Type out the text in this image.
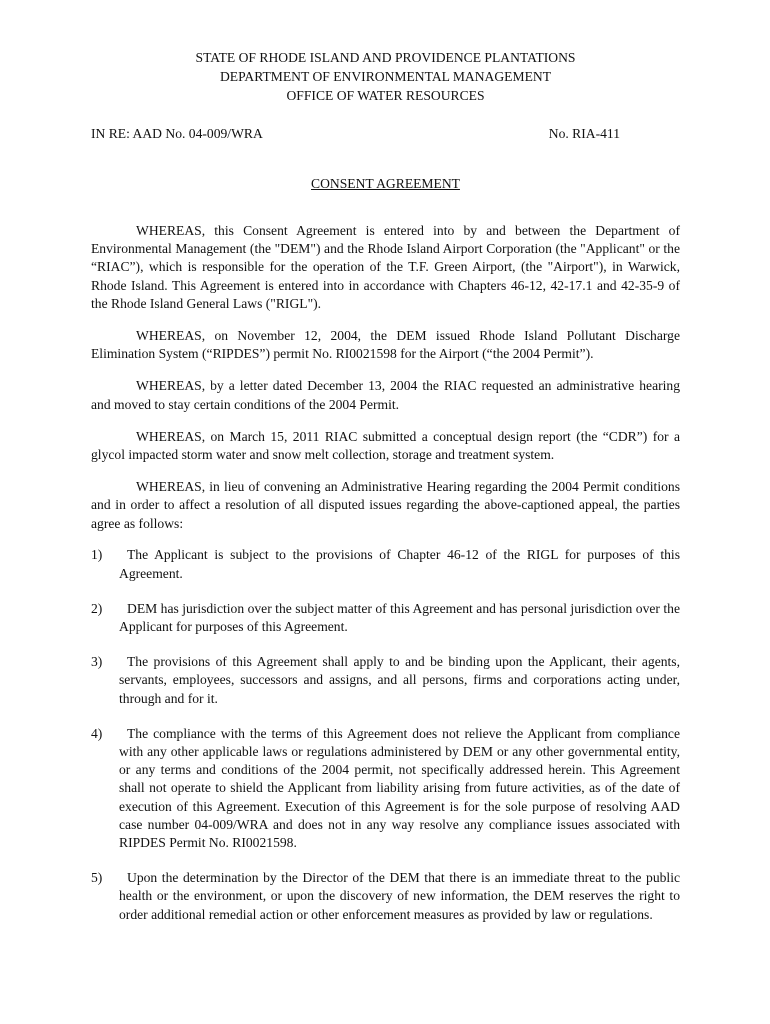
STATE OF RHODE ISLAND AND PROVIDENCE PLANTATIONS
DEPARTMENT OF ENVIRONMENTAL MANAGEMENT
OFFICE OF WATER RESOURCES
IN RE: AAD No. 04-009/WRA	No. RIA-411
CONSENT AGREEMENT

WHEREAS, this Consent Agreement is entered into by and between the Department of Environmental Management (the "DEM") and the Rhode Island Airport Corporation (the "Applicant" or the “RIAC”), which is responsible for the operation of the T.F. Green Airport, (the "Airport"), in Warwick, Rhode Island. This Agreement is entered into in accordance with Chapters 46-12, 42-17.1 and 42-35-9 of the Rhode Island General Laws ("RIGL").

WHEREAS, on November 12, 2004, the DEM issued Rhode Island Pollutant Discharge Elimination System (“RIPDES”) permit No. RI0021598 for the Airport (“the 2004 Permit”).

WHEREAS, by a letter dated December 13, 2004 the RIAC requested an administrative hearing and moved to stay certain conditions of the 2004 Permit.

WHEREAS, on March 15, 2011 RIAC submitted a conceptual design report (the “CDR”) for a glycol impacted storm water and snow melt collection, storage and treatment system.

WHEREAS, in lieu of convening an Administrative Hearing regarding the 2004 Permit conditions and in order to affect a resolution of all disputed issues regarding the above-captioned appeal, the parties agree as follows:

1) The Applicant is subject to the provisions of Chapter 46-12 of the RIGL for purposes of this Agreement.
2) DEM has jurisdiction over the subject matter of this Agreement and has personal jurisdiction over the Applicant for purposes of this Agreement.
3) The provisions of this Agreement shall apply to and be binding upon the Applicant, their agents, servants, employees, successors and assigns, and all persons, firms and corporations acting under, through and for it.
4) The compliance with the terms of this Agreement does not relieve the Applicant from compliance with any other applicable laws or regulations administered by DEM or any other governmental entity, or any terms and conditions of the 2004 permit, not specifically addressed herein. This Agreement shall not operate to shield the Applicant from liability arising from future activities, as of the date of execution of this Agreement. Execution of this Agreement is for the sole purpose of resolving AAD case number 04-009/WRA and does not in any way resolve any compliance issues associated with RIPDES Permit No. RI0021598.
5) Upon the determination by the Director of the DEM that there is an immediate threat to the public health or the environment, or upon the discovery of new information, the DEM reserves the right to order additional remedial action or other enforcement measures as provided by law or regulations.
